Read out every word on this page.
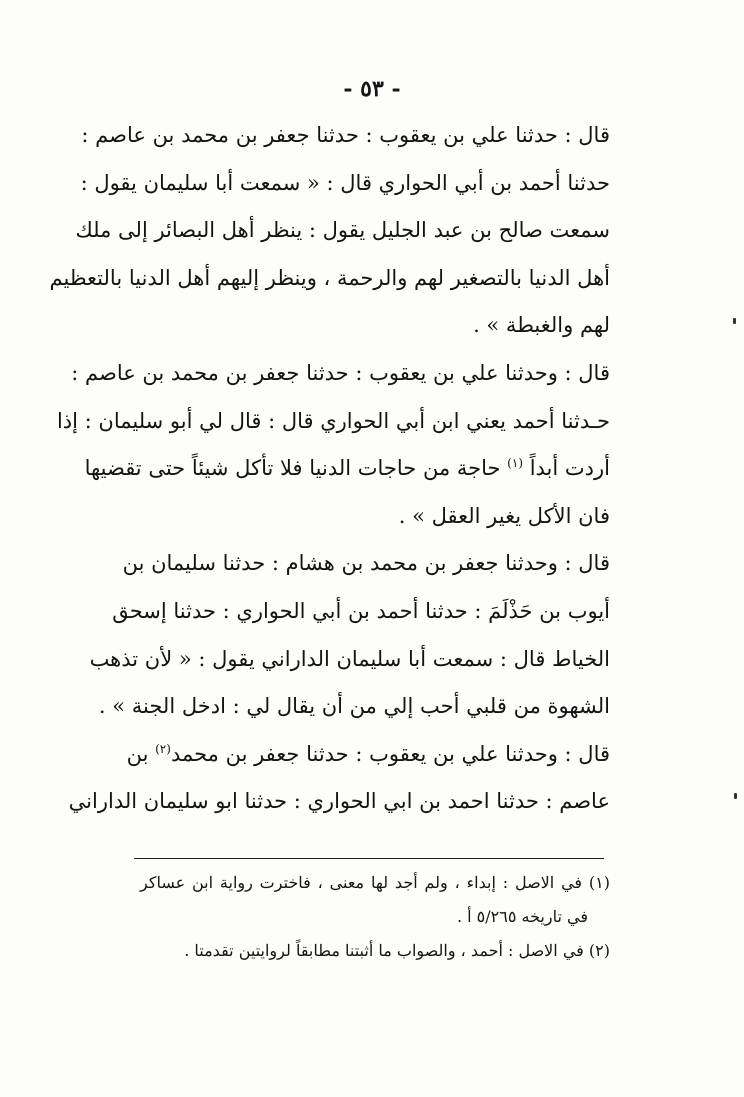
- ٥٣ -
قال : حدثنا علي بن يعقوب : حدثنا جعفر بن محمد بن عاصم :
حدثنا أحمد بن أبي الحواري قال : « سمعت أبا سليمان يقول :
سمعت صالح بن عبد الجليل يقول : ينظر أهل البصائر إلى ملك
أهل الدنيا بالتصغير لهم والرحمة ، وينظر إليهم أهل الدنيا بالتعظيم
لهم والغبطة » .
قال : وحدثنا علي بن يعقوب : حدثنا جعفر بن محمد بن عاصم :
حـدثنا أحمد يعني ابن أبي الحواري قال : قال لي أبو سليمان : إذا
أردت أبداً $^{(١)}$ حاجة من حاجات الدنيا فلا تأكل شيئاً حتى تقضيها
فان الأكل يغير العقل » .
قال : وحدثنا جعفر بن محمد بن هشام : حدثنا سليمان بن
أيوب بن حَذْلَمَ : حدثنا أحمد بن أبي الحواري : حدثنا إسحق
الخياط قال : سمعت أبا سليمان الداراني يقول : « لأن تذهب
الشهوة من قلبي أحب إلي من أن يقال لي : ادخل الجنة » .
قال : وحدثنا علي بن يعقوب : حدثنا جعفر بن محمد$^{(٢)}$ بن
عاصم : حدثنا احمد بن ابي الحواري : حدثنا ابو سليمان الداراني
(١) في الاصل : إبداء ، ولم أجد لها معنى ، فاخترت رواية ابن عساكر
في تاريخه ٥/٢٦٥ أ .
(٢) في الاصل : أحمد ، والصواب ما أثبتنا مطابقاً لروايتين تقدمتا .
